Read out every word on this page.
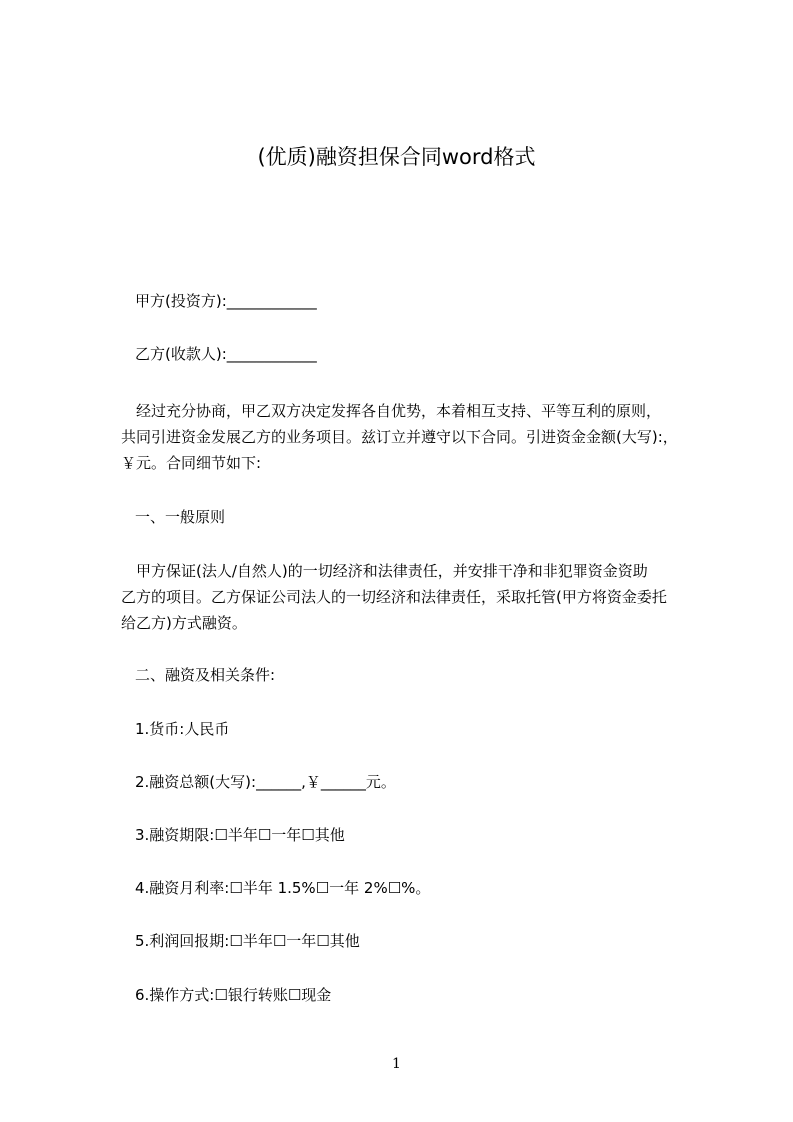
(优质)融资担保合同word格式
甲方(投资方):____________
乙方(收款人):____________
经过充分协商，甲乙双方决定发挥各自优势，本着相互支持、平等互利的原则，
共同引进资金发展乙方的业务项目。兹订立并遵守以下合同。引进资金金额(大写):，
￥元。合同细节如下:
一、一般原则
甲方保证(法人/自然人)的一切经济和法律责任，并安排干净和非犯罪资金资助
乙方的项目。乙方保证公司法人的一切经济和法律责任，采取托管(甲方将资金委托
给乙方)方式融资。
二、融资及相关条件:
1.货币:人民币
2.融资总额(大写):______,￥______元。
3.融资期限:☐半年☐一年☐其他
4.融资月利率:☐半年 1.5%☐一年 2%☐%。
5.利润回报期:☐半年☐一年☐其他
6.操作方式:☐银行转账☐现金
1
